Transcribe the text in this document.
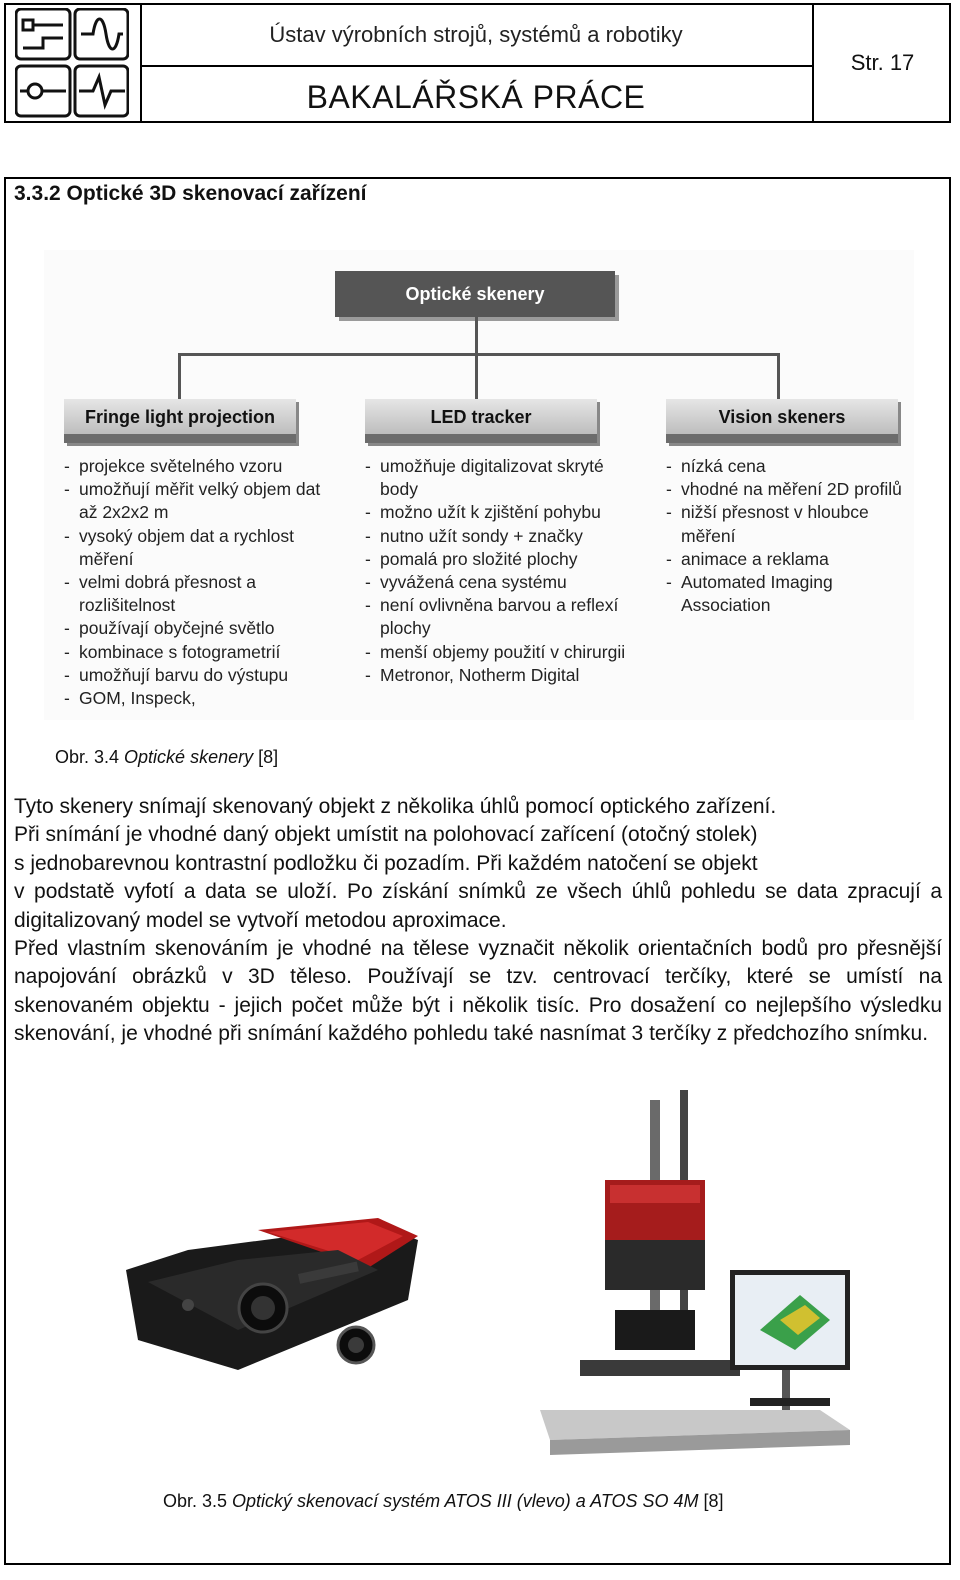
Ústav výrobních strojů, systémů a robotiky
BAKALÁŘSKÁ PRÁCE
Str. 17
3.3.2 Optické 3D skenovací zařízení
Optické skenery
Fringe light projection	LED tracker	Vision skeners
- projekce světelného vzoru
- umožňují měřit velký objem dat až 2x2x2 m
- vysoký objem dat a rychlost měření
- velmi dobrá přesnost a rozlišitelnost
- používají obyčejné světlo
- kombinace s fotogrametrií
- umožňují barvu do výstupu
- GOM, Inspeck,
- umožňuje digitalizovat skryté body
- možno užít k zjištění pohybu
- nutno užít sondy + značky
- pomalá pro složité plochy
- vyvážená cena systému
- není ovlivněna barvou a reflexí plochy
- menší objemy použití v chirurgii
- Metronor, Notherm Digital
- nízká cena
- vhodné na měření 2D profilů
- nižší přesnost v hloubce měření
- animace a reklama
- Automated Imaging Association
Obr. 3.4 Optické skenery [8]

Tyto skenery snímají skenovaný objekt z několika úhlů pomocí optického zařízení.

Při snímání je vhodné daný objekt umístit na polohovací zařícení (otočný stolek)

s jednobarevnou kontrastní podložku či pozadím. Při každém natočení se objekt

v podstatě vyfotí a data se uloží. Po získání snímků ze všech úhlů pohledu se data zpracují a digitalizovaný model se vytvoří metodou aproximace.

Před vlastním skenováním je vhodné na tělese vyznačit několik orientačních bodů pro přesnější napojování obrázků v 3D těleso. Používají se tzv. centrovací terčíky, které se umístí na skenovaném objektu - jejich počet může být i několik tisíc. Pro dosažení co nejlepšího výsledku skenování, je vhodné při snímání každého pohledu také nasnímat 3 terčíky z předchozího snímku.

Obr. 3.5 Optický skenovací systém ATOS III (vlevo) a ATOS SO 4M [8]
